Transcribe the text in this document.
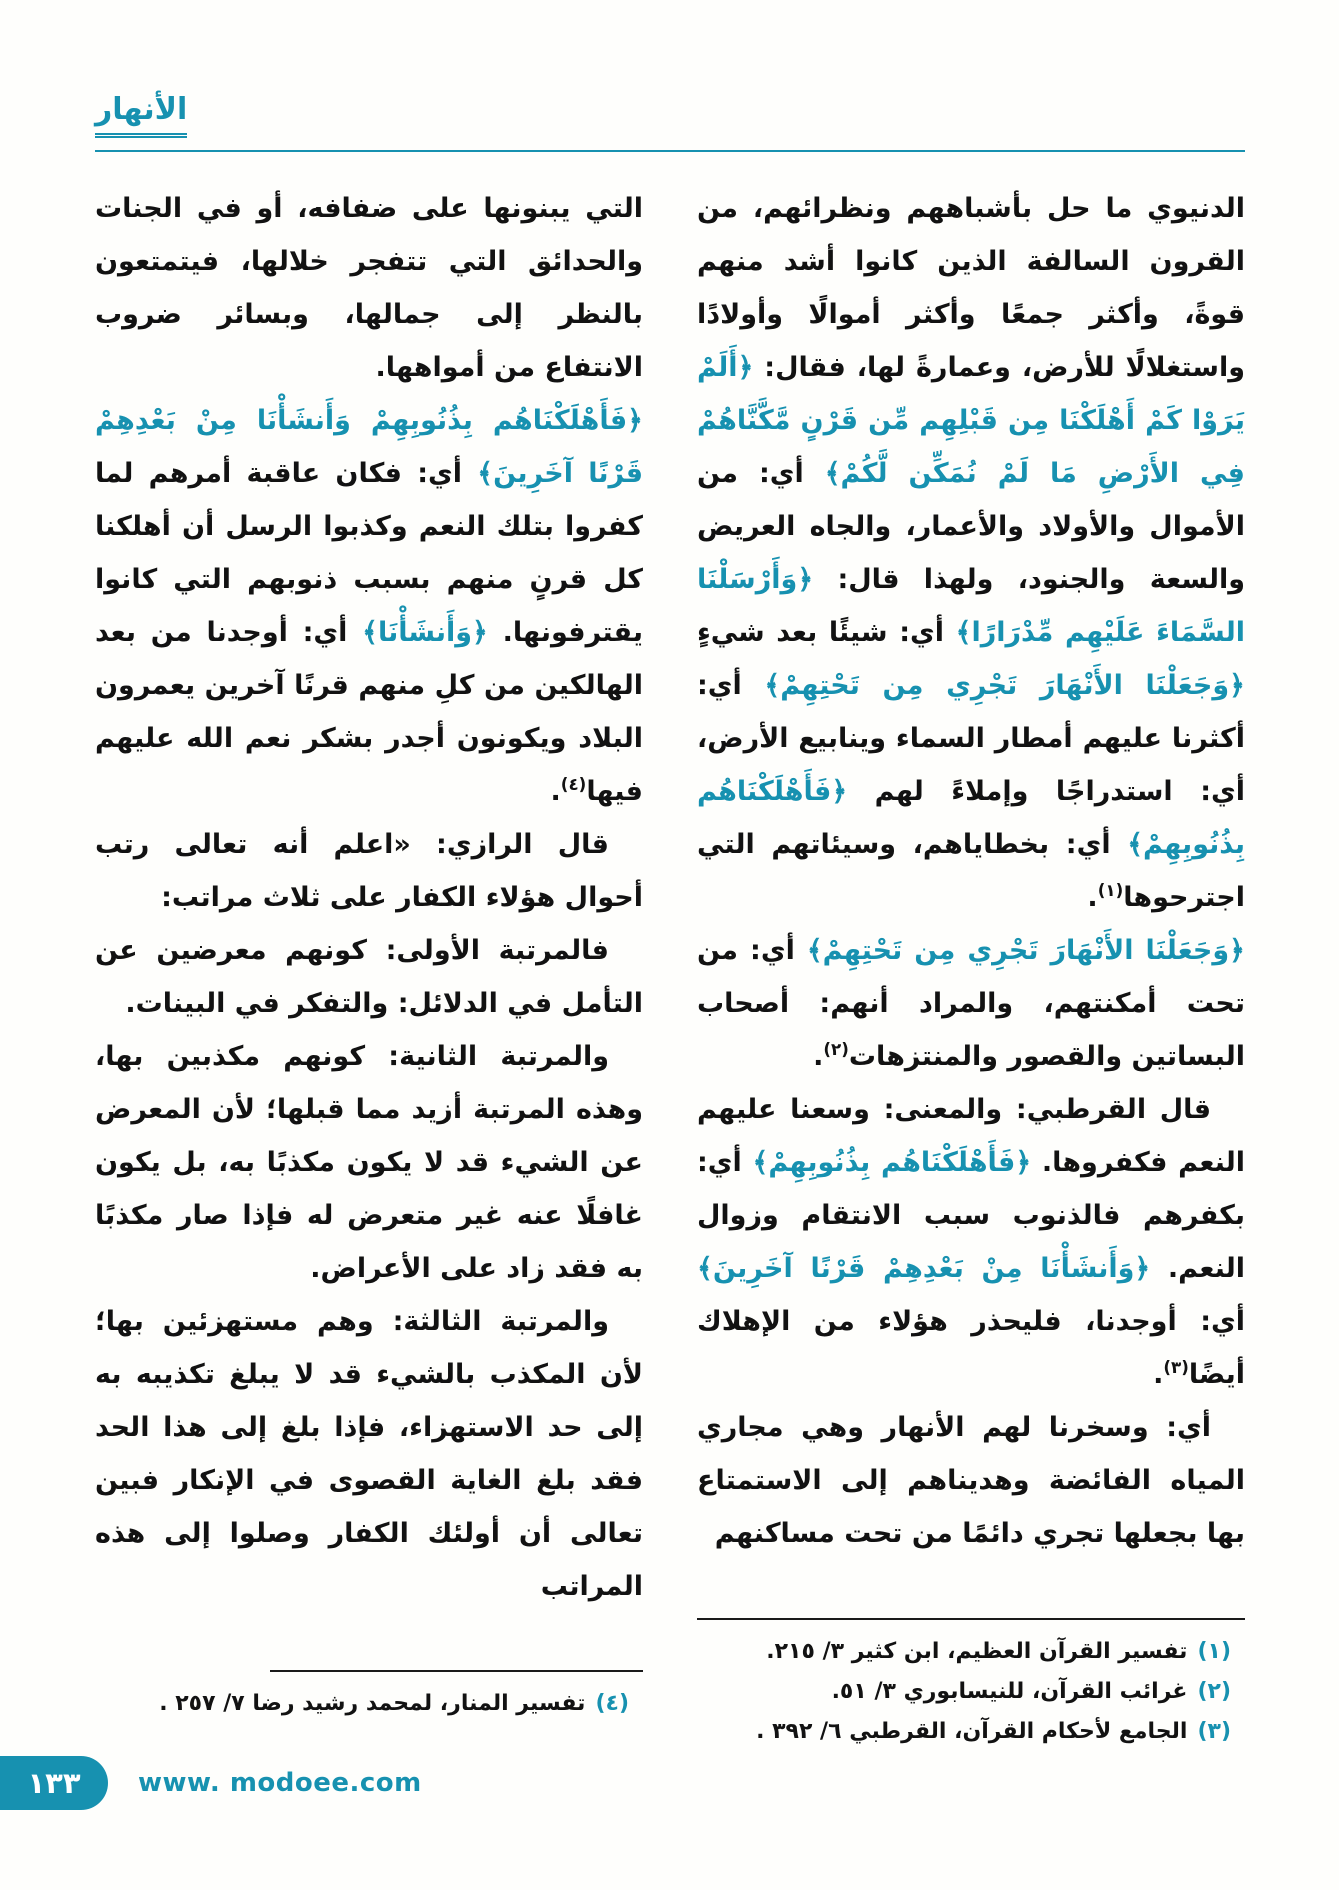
الأنهار

الدنيوي ما حل بأشباههم ونظرائهم، من القرون السالفة الذين كانوا أشد منهم قوةً، وأكثر جمعًا وأكثر أموالًا وأولادًا واستغلالًا للأرض، وعمارةً لها، فقال: ﴿أَلَمْ يَرَوْا كَمْ أَهْلَكْنَا مِن قَبْلِهِم مِّن قَرْنٍ مَّكَّنَّاهُمْ فِي الأَرْضِ مَا لَمْ نُمَكِّن لَّكُمْ﴾ أي: من الأموال والأولاد والأعمار، والجاه العريض والسعة والجنود، ولهذا قال: ﴿وَأَرْسَلْنَا السَّمَاءَ عَلَيْهِم مِّدْرَارًا﴾ أي: شيئًا بعد شيءٍ ﴿وَجَعَلْنَا الأَنْهَارَ تَجْرِي مِن تَحْتِهِمْ﴾ أي: أكثرنا عليهم أمطار السماء وينابيع الأرض، أي: استدراجًا وإملاءً لهم ﴿فَأَهْلَكْنَاهُم بِذُنُوبِهِمْ﴾ أي: بخطاياهم، وسيئاتهم التي اجترحوها$^{(١)}$.

﴿وَجَعَلْنَا الأَنْهَارَ تَجْرِي مِن تَحْتِهِمْ﴾ أي: من تحت أمكنتهم، والمراد أنهم: أصحاب البساتين والقصور والمنتزهات$^{(٢)}$.

قال القرطبي: والمعنى: وسعنا عليهم النعم فكفروها. ﴿فَأَهْلَكْنَاهُم بِذُنُوبِهِمْ﴾ أي: بكفرهم فالذنوب سبب الانتقام وزوال النعم. ﴿وَأَنشَأْنَا مِنْ بَعْدِهِمْ قَرْنًا آخَرِينَ﴾ أي: أوجدنا، فليحذر هؤلاء من الإهلاك أيضًا$^{(٣)}$.

أي: وسخرنا لهم الأنهار وهي مجاري المياه الفائضة وهديناهم إلى الاستمتاع بها بجعلها تجري دائمًا من تحت مساكنهم

(١)تفسير القرآن العظيم، ابن كثير ٣/ ٢١٥.
(٢)غرائب القرآن، للنيسابوري ٣/ ٥١.
(٣)الجامع لأحكام القرآن، القرطبي ٦/ ٣٩٢ .

التي يبنونها على ضفافه، أو في الجنات والحدائق التي تتفجر خلالها، فيتمتعون بالنظر إلى جمالها، وبسائر ضروب الانتفاع من أمواهها.

﴿فَأَهْلَكْنَاهُم بِذُنُوبِهِمْ وَأَنشَأْنَا مِنْ بَعْدِهِمْ قَرْنًا آخَرِينَ﴾ أي: فكان عاقبة أمرهم لما كفروا بتلك النعم وكذبوا الرسل أن أهلكنا كل قرنٍ منهم بسبب ذنوبهم التي كانوا يقترفونها. ﴿وَأَنشَأْنَا﴾ أي: أوجدنا من بعد الهالكين من كلِ منهم قرنًا آخرين يعمرون البلاد ويكونون أجدر بشكر نعم الله عليهم فيها$^{(٤)}$.

قال الرازي: «اعلم أنه تعالى رتب أحوال هؤلاء الكفار على ثلاث مراتب:

فالمرتبة الأولى: كونهم معرضين عن التأمل في الدلائل: والتفكر في البينات.

والمرتبة الثانية: كونهم مكذبين بها، وهذه المرتبة أزيد مما قبلها؛ لأن المعرض عن الشيء قد لا يكون مكذبًا به، بل يكون غافلًا عنه غير متعرض له فإذا صار مكذبًا به فقد زاد على الأعراض.

والمرتبة الثالثة: وهم مستهزئين بها؛ لأن المكذب بالشيء قد لا يبلغ تكذيبه به إلى حد الاستهزاء، فإذا بلغ إلى هذا الحد فقد بلغ الغاية القصوى في الإنكار فبين تعالى أن أولئك الكفار وصلوا إلى هذه المراتب

(٤)تفسير المنار، لمحمد رشيد رضا ٧/ ٢٥٧ .
١٣٣ www. modoee.com
